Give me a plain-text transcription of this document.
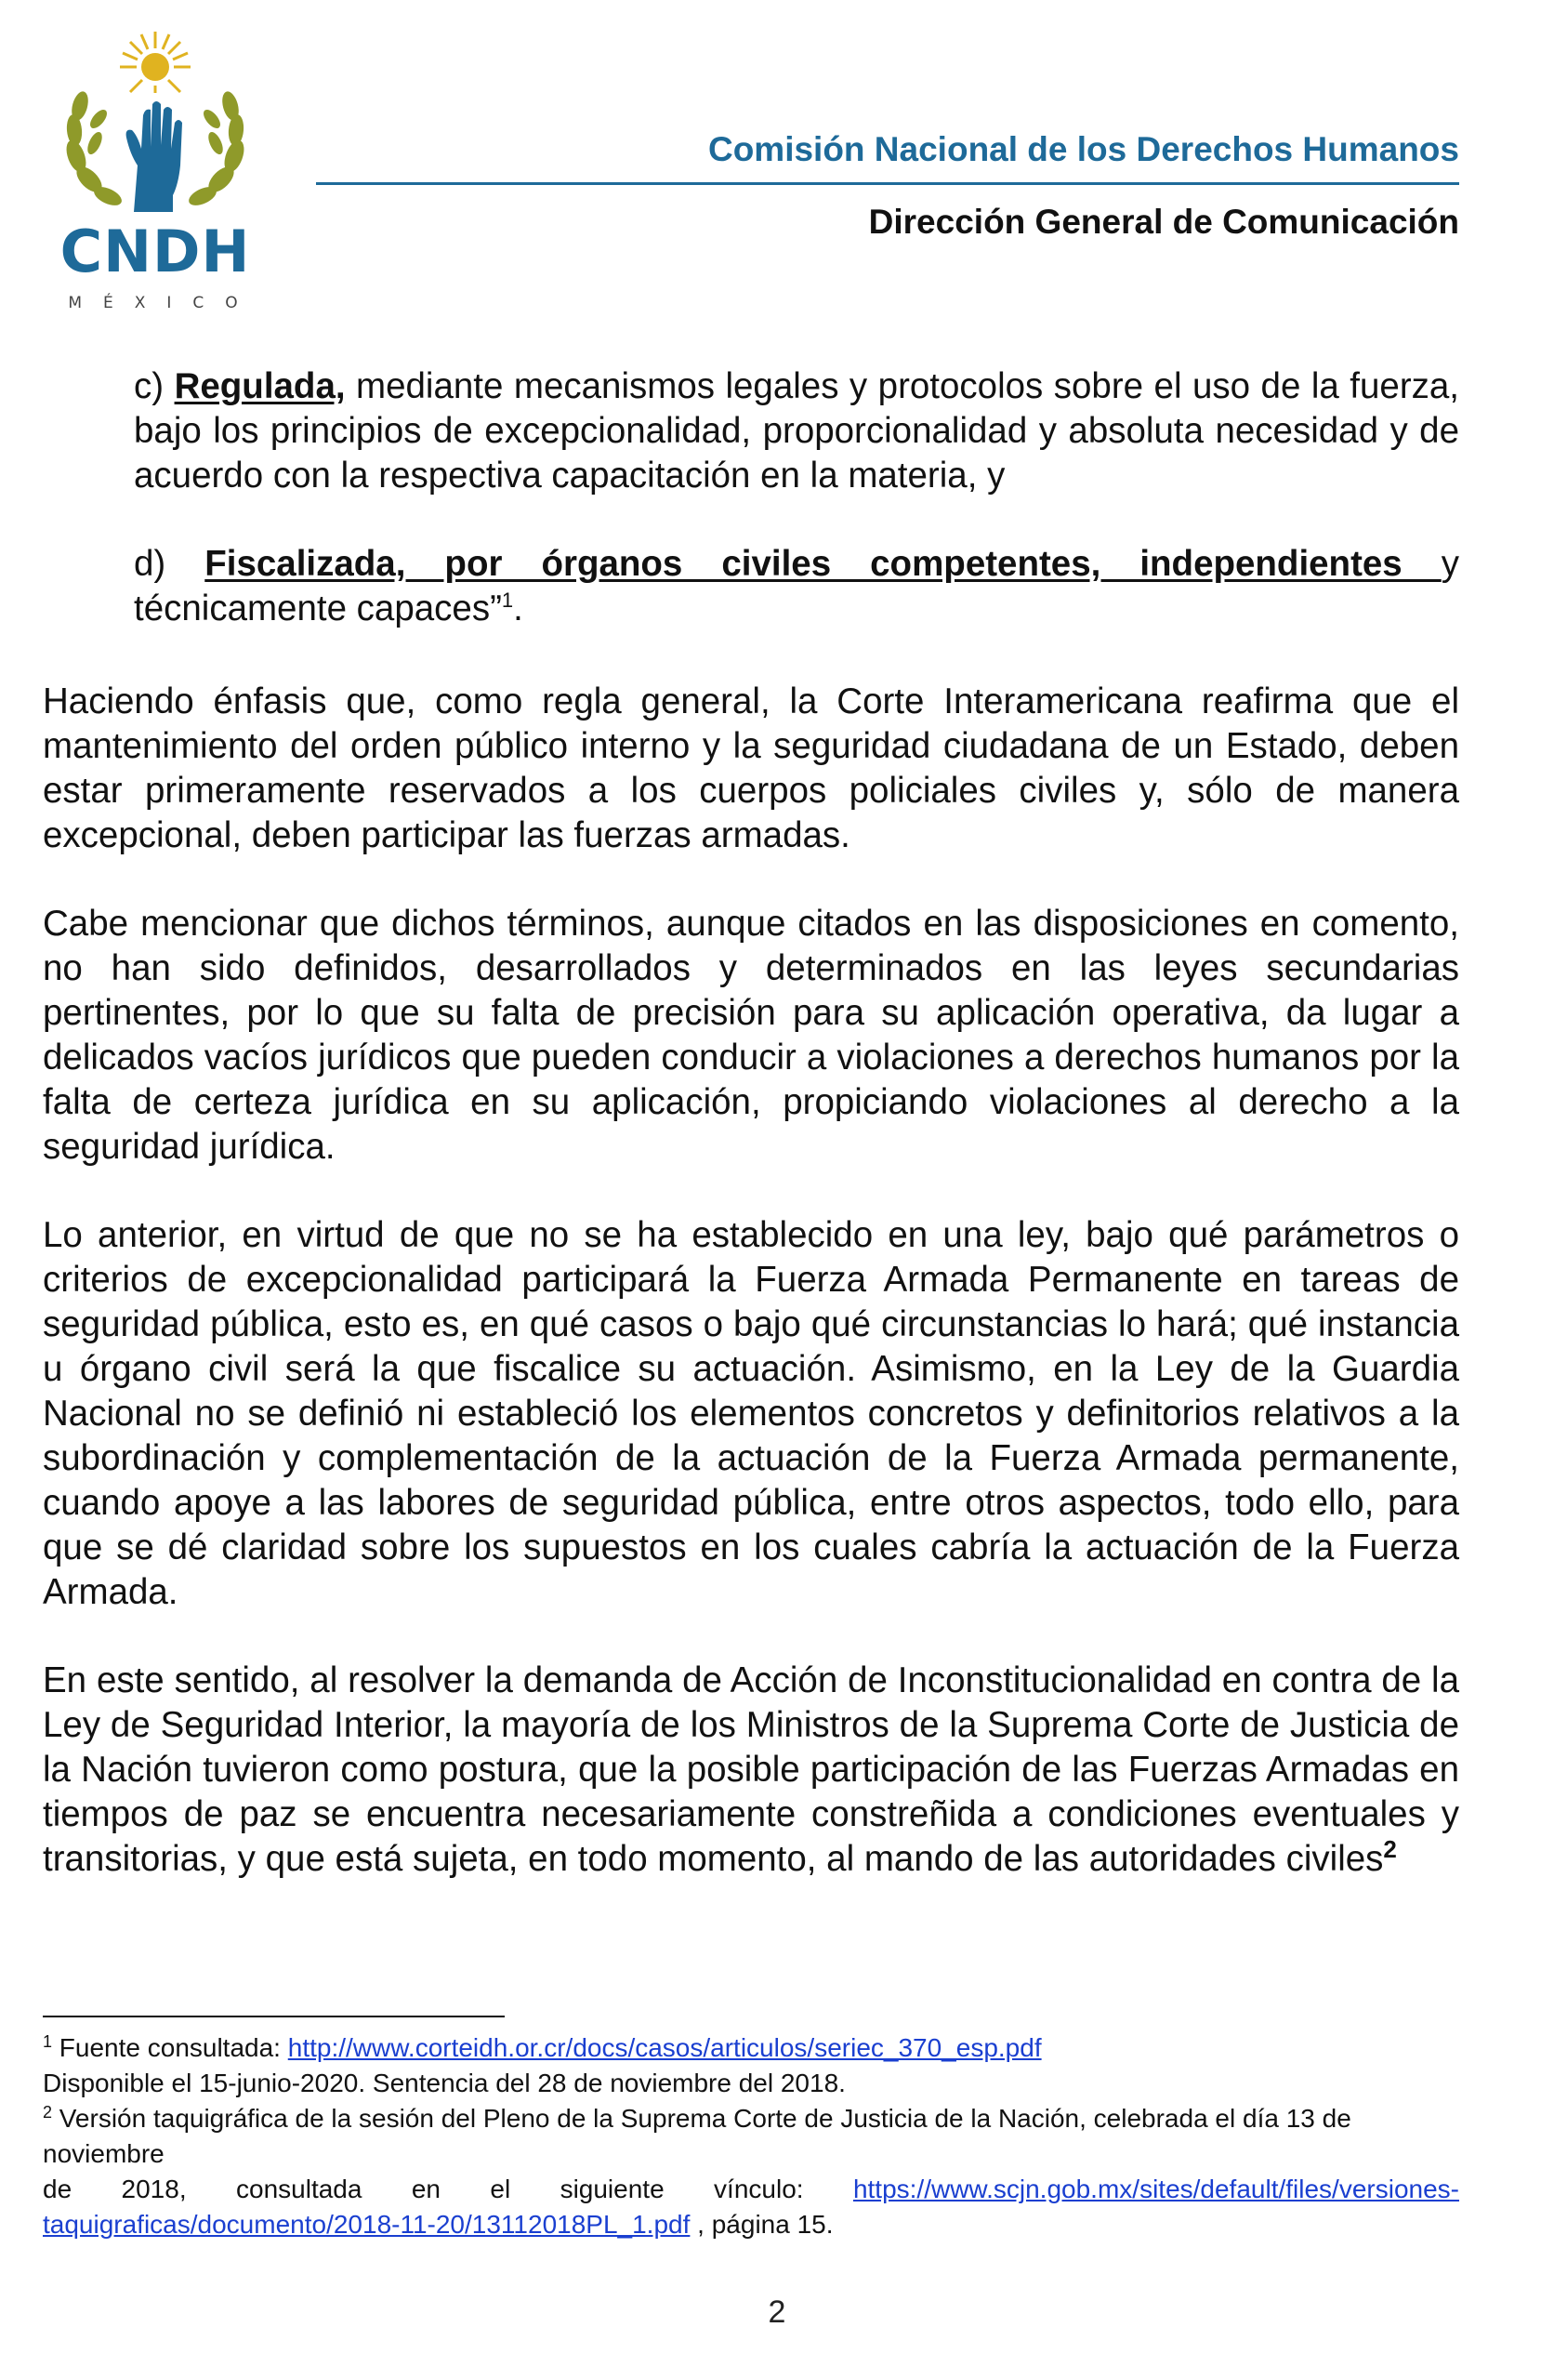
CNDH
MÉXICO
Comisión Nacional de los Derechos Humanos
Dirección General de Comunicación

c) Regulada, mediante mecanismos legales y protocolos sobre el uso de la fuerza, bajo los principios de excepcionalidad, proporcionalidad y absoluta necesidad y de acuerdo con la respectiva capacitación en la materia, y

d) Fiscalizada, por órganos civiles competentes, independientes y
técnicamente capaces”$^1$.

Haciendo énfasis que, como regla general, la Corte Interamericana reafirma que el mantenimiento del orden público interno y la seguridad ciudadana de un Estado, deben estar primeramente reservados a los cuerpos policiales civiles y, sólo de manera excepcional, deben participar las fuerzas armadas.

Cabe mencionar que dichos términos, aunque citados en las disposiciones en comento, no han sido definidos, desarrollados y determinados en las leyes secundarias pertinentes, por lo que su falta de precisión para su aplicación operativa, da lugar a delicados vacíos jurídicos que pueden conducir a violaciones a derechos humanos por la falta de certeza jurídica en su aplicación, propiciando violaciones al derecho a la seguridad jurídica.

Lo anterior, en virtud de que no se ha establecido en una ley, bajo qué parámetros o criterios de excepcionalidad participará la Fuerza Armada Permanente en tareas de seguridad pública, esto es, en qué casos o bajo qué circunstancias lo hará; qué instancia u órgano civil será la que fiscalice su actuación. Asimismo, en la Ley de la Guardia Nacional no se definió ni estableció los elementos concretos y definitorios relativos a la subordinación y complementación de la actuación de la Fuerza Armada permanente, cuando apoye a las labores de seguridad pública, entre otros aspectos, todo ello, para que se dé claridad sobre los supuestos en los cuales cabría la actuación de la Fuerza Armada.

En este sentido, al resolver la demanda de Acción de Inconstitucionalidad en contra de la Ley de Seguridad Interior, la mayoría de los Ministros de la Suprema Corte de Justicia de la Nación tuvieron como postura, que la posible participación de las Fuerzas Armadas en tiempos de paz se encuentra necesariamente constreñida a condiciones eventuales y transitorias, y que está sujeta, en todo momento, al mando de las autoridades civiles$^2$

$^1$ Fuente consultada: http://www.corteidh.or.cr/docs/casos/articulos/seriec_370_esp.pdf

Disponible el 15-junio-2020. Sentencia del 28 de noviembre del 2018.

$^2$ Versión taquigráfica de la sesión del Pleno de la Suprema Corte de Justicia de la Nación, celebrada el día 13 de noviembre

de 2018, consultada en el siguiente vínculo: https://www.scjn.gob.mx/sites/default/files/versiones-

taquigraficas/documento/2018-11-20/13112018PL_1.pdf , página 15.

2
